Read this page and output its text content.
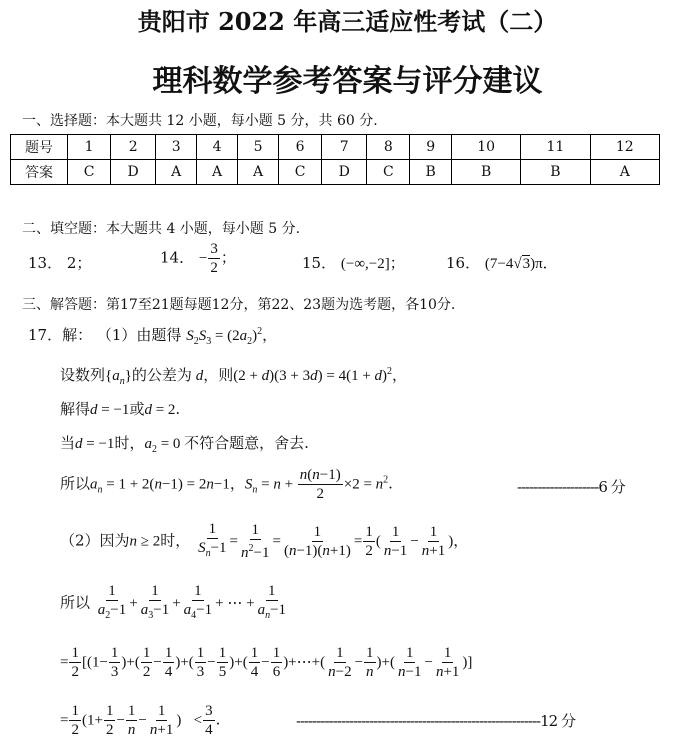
贵阳市 2022 年高三适应性考试（二）
理科数学参考答案与评分建议
一、选择题：本大题共 12 小题，每小题 5 分，共 60 分.
题号	1	2	3	4	5	6	7	8	9	10	11	12
答案	C	D	A	A	A	C	D	C	B	B	B	A
二、填空题：本大题共 4 小题，每小题 5 分.
13． 2；	14． − $\frac{3}{2}$ ；	15． (−∞,−2]；	16． (7−4√3)π．
三、解答题：第17至21题每题12分，第22、23题为选考题，各10分.
17．解： （1）由题得 $S_2S_3 = (2a_2)^2$，
设数列$\{a_n\}$的公差为 d，则$(2 + d)(3 + 3d) = 4(1 + d)^2$，
解得d = −1或d = 2.
当d = −1时，$a_2 = 0$ 不符合题意，舍去.
所以$a_n = 1 + 2(n-1) = 2n-1$，$S_n = n + \frac{n(n-1)}{2} \times 2 = n^2$.	--------------------6 分
（2）因为n ≥ 2时， $\frac{1}{S_n-1} = \frac{1}{n^2-1} = \frac{1}{(n-1)(n+1)} = \frac{1}{2}$ ( $\frac{1}{n-1} - \frac{1}{n+1}$ )，
所以 $\frac{1}{a_2-1} + \frac{1}{a_3-1} + \frac{1}{a_4-1}$ + ⋯ + $\frac{1}{a_n-1}$
= $\frac{1}{2} [(1- \frac{1}{3}$ )+( $\frac{1}{2} - \frac{1}{4}$ )+( $\frac{1}{3} - \frac{1}{5}$ )+( $\frac{1}{4} - \frac{1}{6}$ )+⋯+( $\frac{1}{n-2} - \frac{1}{n}$ )+( $\frac{1}{n-1} - \frac{1}{n+1}$ )]
= $\frac{1}{2} (1+ \frac{1}{2} - \frac{1}{n} - \frac{1}{n+1}$ )   < $\frac{3}{4}$ .	------------------------------------------------------------12 分
